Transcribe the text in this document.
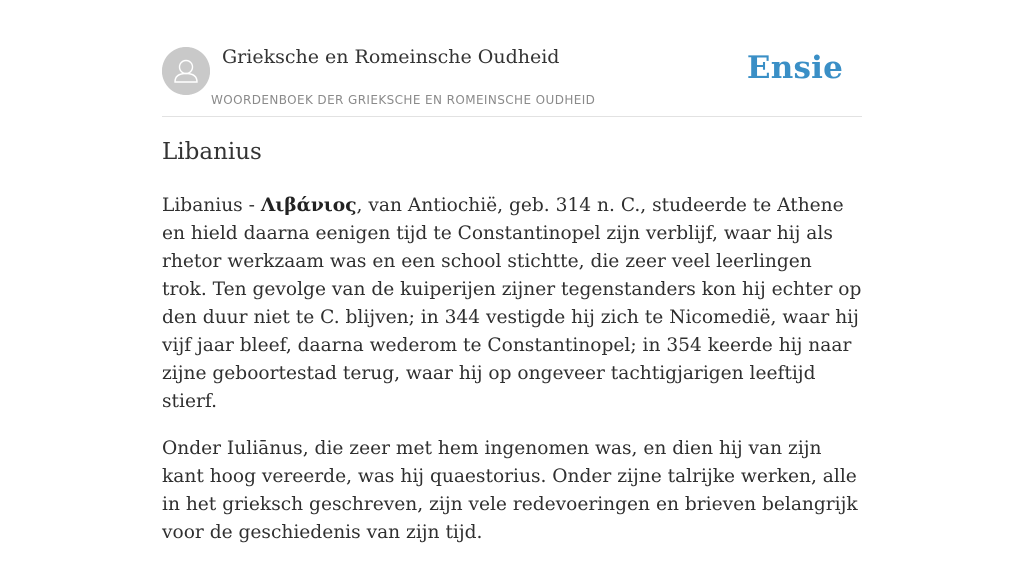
Grieksche en Romeinsche Oudheid
WOORDENBOEK DER GRIEKSCHE EN ROMEINSCHE OUDHEID
Ensie
Libanius

Libanius - Λιβάνιος, van Antiochië, geb. 314 n. C., studeerde te Athene en hield daarna eenigen tijd te Constantinopel zijn verblijf, waar hij als rhetor werkzaam was en een school stichtte, die zeer veel leerlingen trok. Ten gevolge van de kuiperijen zijner tegenstanders kon hij echter op den duur niet te C. blijven; in 344 vestigde hij zich te Nicomedië, waar hij vijf jaar bleef, daarna wederom te Constantinopel; in 354 keerde hij naar zijne geboortestad terug, waar hij op ongeveer tachtigjarigen leeftijd stierf.

Onder Iuliānus, die zeer met hem ingenomen was, en dien hij van zijn kant hoog vereerde, was hij quaestorius. Onder zijne talrijke werken, alle in het grieksch geschreven, zijn vele redevoeringen en brieven belangrijk voor de geschiedenis van zijn tijd.
